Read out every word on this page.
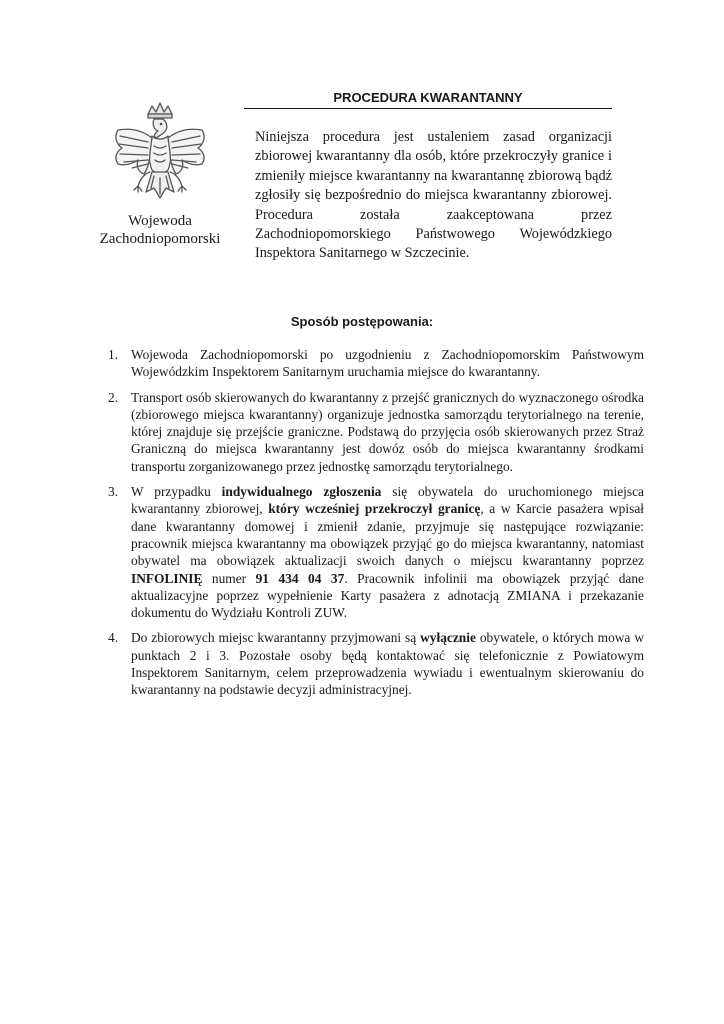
Wojewoda
Zachodniopomorski
PROCEDURA KWARANTANNY
Niniejsza procedura jest ustaleniem zasad organizacji zbiorowej kwarantanny dla osób, które przekroczyły granice i zmieniły miejsce kwarantanny na kwarantannę zbiorową bądź zgłosiły się bezpośrednio do miejsca kwarantanny zbiorowej. Procedura została zaakceptowana przez Zachodniopomorskiego Państwowego Wojewódzkiego Inspektora Sanitarnego w Szczecinie.
Sposób postępowania:
1. Wojewoda Zachodniopomorski po uzgodnieniu z Zachodniopomorskim Państwowym Wojewódzkim Inspektorem Sanitarnym uruchamia miejsce do kwarantanny.
2. Transport osób skierowanych do kwarantanny z przejść granicznych do wyznaczonego ośrodka (zbiorowego miejsca kwarantanny) organizuje jednostka samorządu terytorialnego na terenie, której znajduje się przejście graniczne. Podstawą do przyjęcia osób skierowanych przez Straż Graniczną do miejsca kwarantanny jest dowóz osób do miejsca kwarantanny środkami transportu zorganizowanego przez jednostkę samorządu terytorialnego.
3. W przypadku indywidualnego zgłoszenia się obywatela do uruchomionego miejsca kwarantanny zbiorowej, który wcześniej przekroczył granicę, a w Karcie pasażera wpisał dane kwarantanny domowej i zmienił zdanie, przyjmuje się następujące rozwiązanie: pracownik miejsca kwarantanny ma obowiązek przyjąć go do miejsca kwarantanny, natomiast obywatel ma obowiązek aktualizacji swoich danych o miejscu kwarantanny poprzez INFOLINIĘ numer 91 434 04 37. Pracownik infolinii ma obowiązek przyjąć dane aktualizacyjne poprzez wypełnienie Karty pasażera z adnotacją ZMIANA i przekazanie dokumentu do Wydziału Kontroli ZUW.
4. Do zbiorowych miejsc kwarantanny przyjmowani są wyłącznie obywatele, o których mowa w punktach 2 i 3. Pozostałe osoby będą kontaktować się telefonicznie z Powiatowym Inspektorem Sanitarnym, celem przeprowadzenia wywiadu i ewentualnym skierowaniu do kwarantanny na podstawie decyzji administracyjnej.
